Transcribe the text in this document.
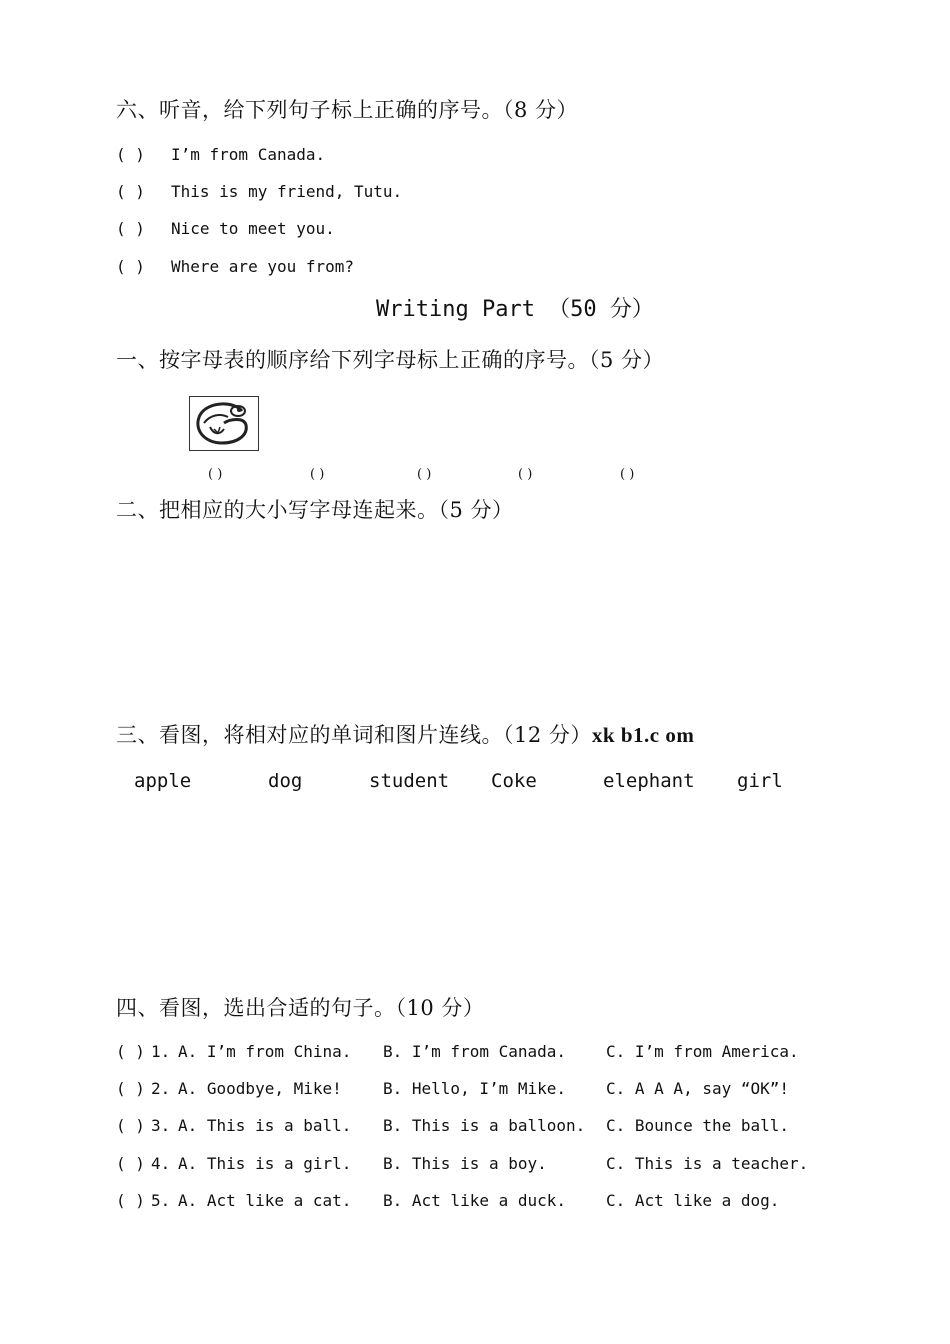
六、听音，给下列句子标上正确的序号。（8 分）
( ) I’m from Canada.
( ) This is my friend, Tutu.
( ) Nice to meet you.
( ) Where are you from?
Writing Part （50 分）
一、按字母表的顺序给下列字母标上正确的序号。（5 分）
( )	( )	( )	( )	( )
二、把相应的大小写字母连起来。（5 分）
三、看图，将相对应的单词和图片连线。（12 分）xk b1.c om
apple	dog	student Coke	elephant girl
四、看图，选出合适的句子。（10 分）
( ) 1. A. I’m from China. B. I’m from Canada. C. I’m from America.
( ) 2. A. Goodbye, Mike!	B. Hello, I’m Mike. C. A A A, say “OK”!
( ) 3. A. This is a ball. B. This is a balloon. C. Bounce the ball.
( ) 4. A. This is a girl. B. This is a boy.	C. This is a teacher.
( ) 5. A. Act like a cat. B. Act like a duck. C. Act like a dog.
